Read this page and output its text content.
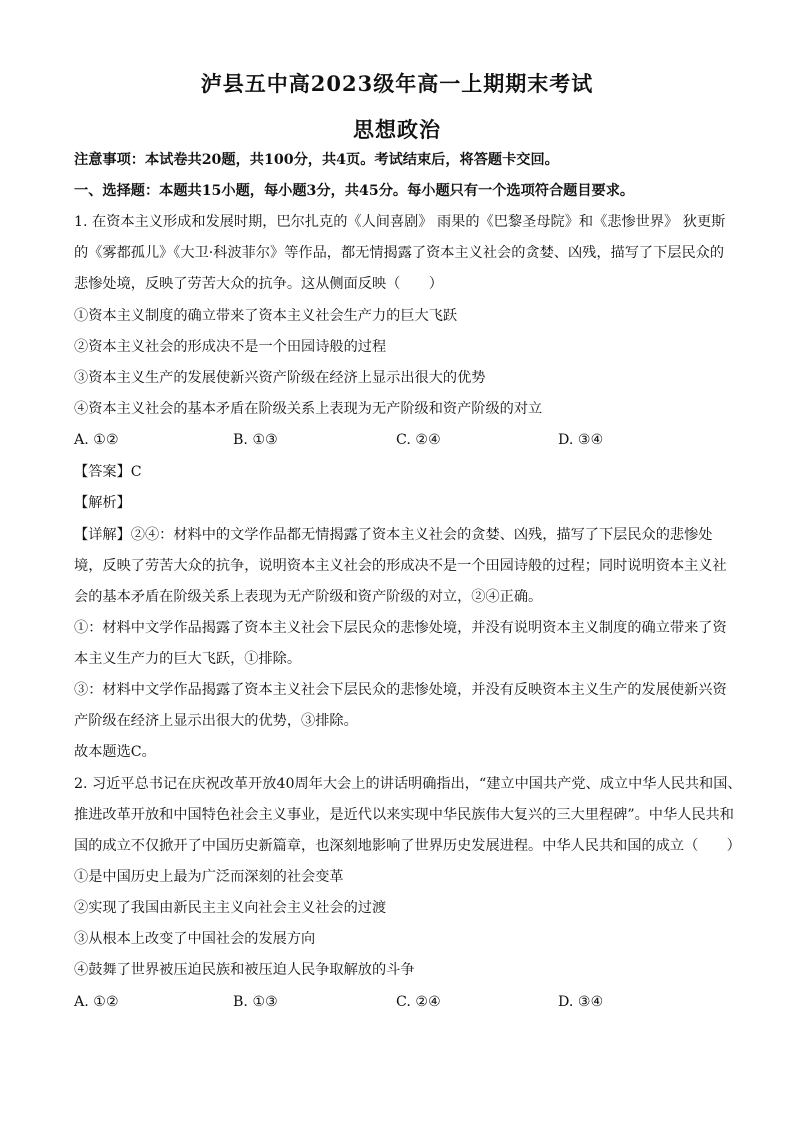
泸县五中高2023级年高一上期期末考试
思想政治
注意事项：本试卷共20题，共100分，共4页。考试结束后，将答题卡交回。
一、选择题：本题共15小题，每小题3分，共45分。每小题只有一个选项符合题目要求。
1. 在资本主义形成和发展时期，巴尔扎克的《人间喜剧》 雨果的《巴黎圣母院》和《悲惨世界》 狄更斯
的《雾都孤儿》《大卫·科波菲尔》等作品，都无情揭露了资本主义社会的贪婪、凶残，描写了下层民众的
悲惨处境，反映了劳苦大众的抗争。这从侧面反映（　　）
①资本主义制度的确立带来了资本主义社会生产力的巨大飞跃
②资本主义社会的形成决不是一个田园诗般的过程
③资本主义生产的发展使新兴资产阶级在经济上显示出很大的优势
④资本主义社会的基本矛盾在阶级关系上表现为无产阶级和资产阶级的对立
A. ①②	B. ①③	C. ②④	D. ③④
【答案】C
【解析】
【详解】②④：材料中的文学作品都无情揭露了资本主义社会的贪婪、凶残，描写了下层民众的悲惨处
境，反映了劳苦大众的抗争，说明资本主义社会的形成决不是一个田园诗般的过程；同时说明资本主义社
会的基本矛盾在阶级关系上表现为无产阶级和资产阶级的对立，②④正确。
①：材料中文学作品揭露了资本主义社会下层民众的悲惨处境，并没有说明资本主义制度的确立带来了资
本主义生产力的巨大飞跃，①排除。
③：材料中文学作品揭露了资本主义社会下层民众的悲惨处境，并没有反映资本主义生产的发展使新兴资
产阶级在经济上显示出很大的优势，③排除。
故本题选C。
2. 习近平总书记在庆祝改革开放40周年大会上的讲话明确指出，“建立中国共产党、成立中华人民共和国、
推进改革开放和中国特色社会主义事业，是近代以来实现中华民族伟大复兴的三大里程碑”。中华人民共和
国的成立不仅掀开了中国历史新篇章，也深刻地影响了世界历史发展进程。中华人民共和国的成立（　　）
①是中国历史上最为广泛而深刻的社会变革
②实现了我国由新民主主义向社会主义社会的过渡
③从根本上改变了中国社会的发展方向
④鼓舞了世界被压迫民族和被压迫人民争取解放的斗争
A. ①②	B. ①③	C. ②④	D. ③④
